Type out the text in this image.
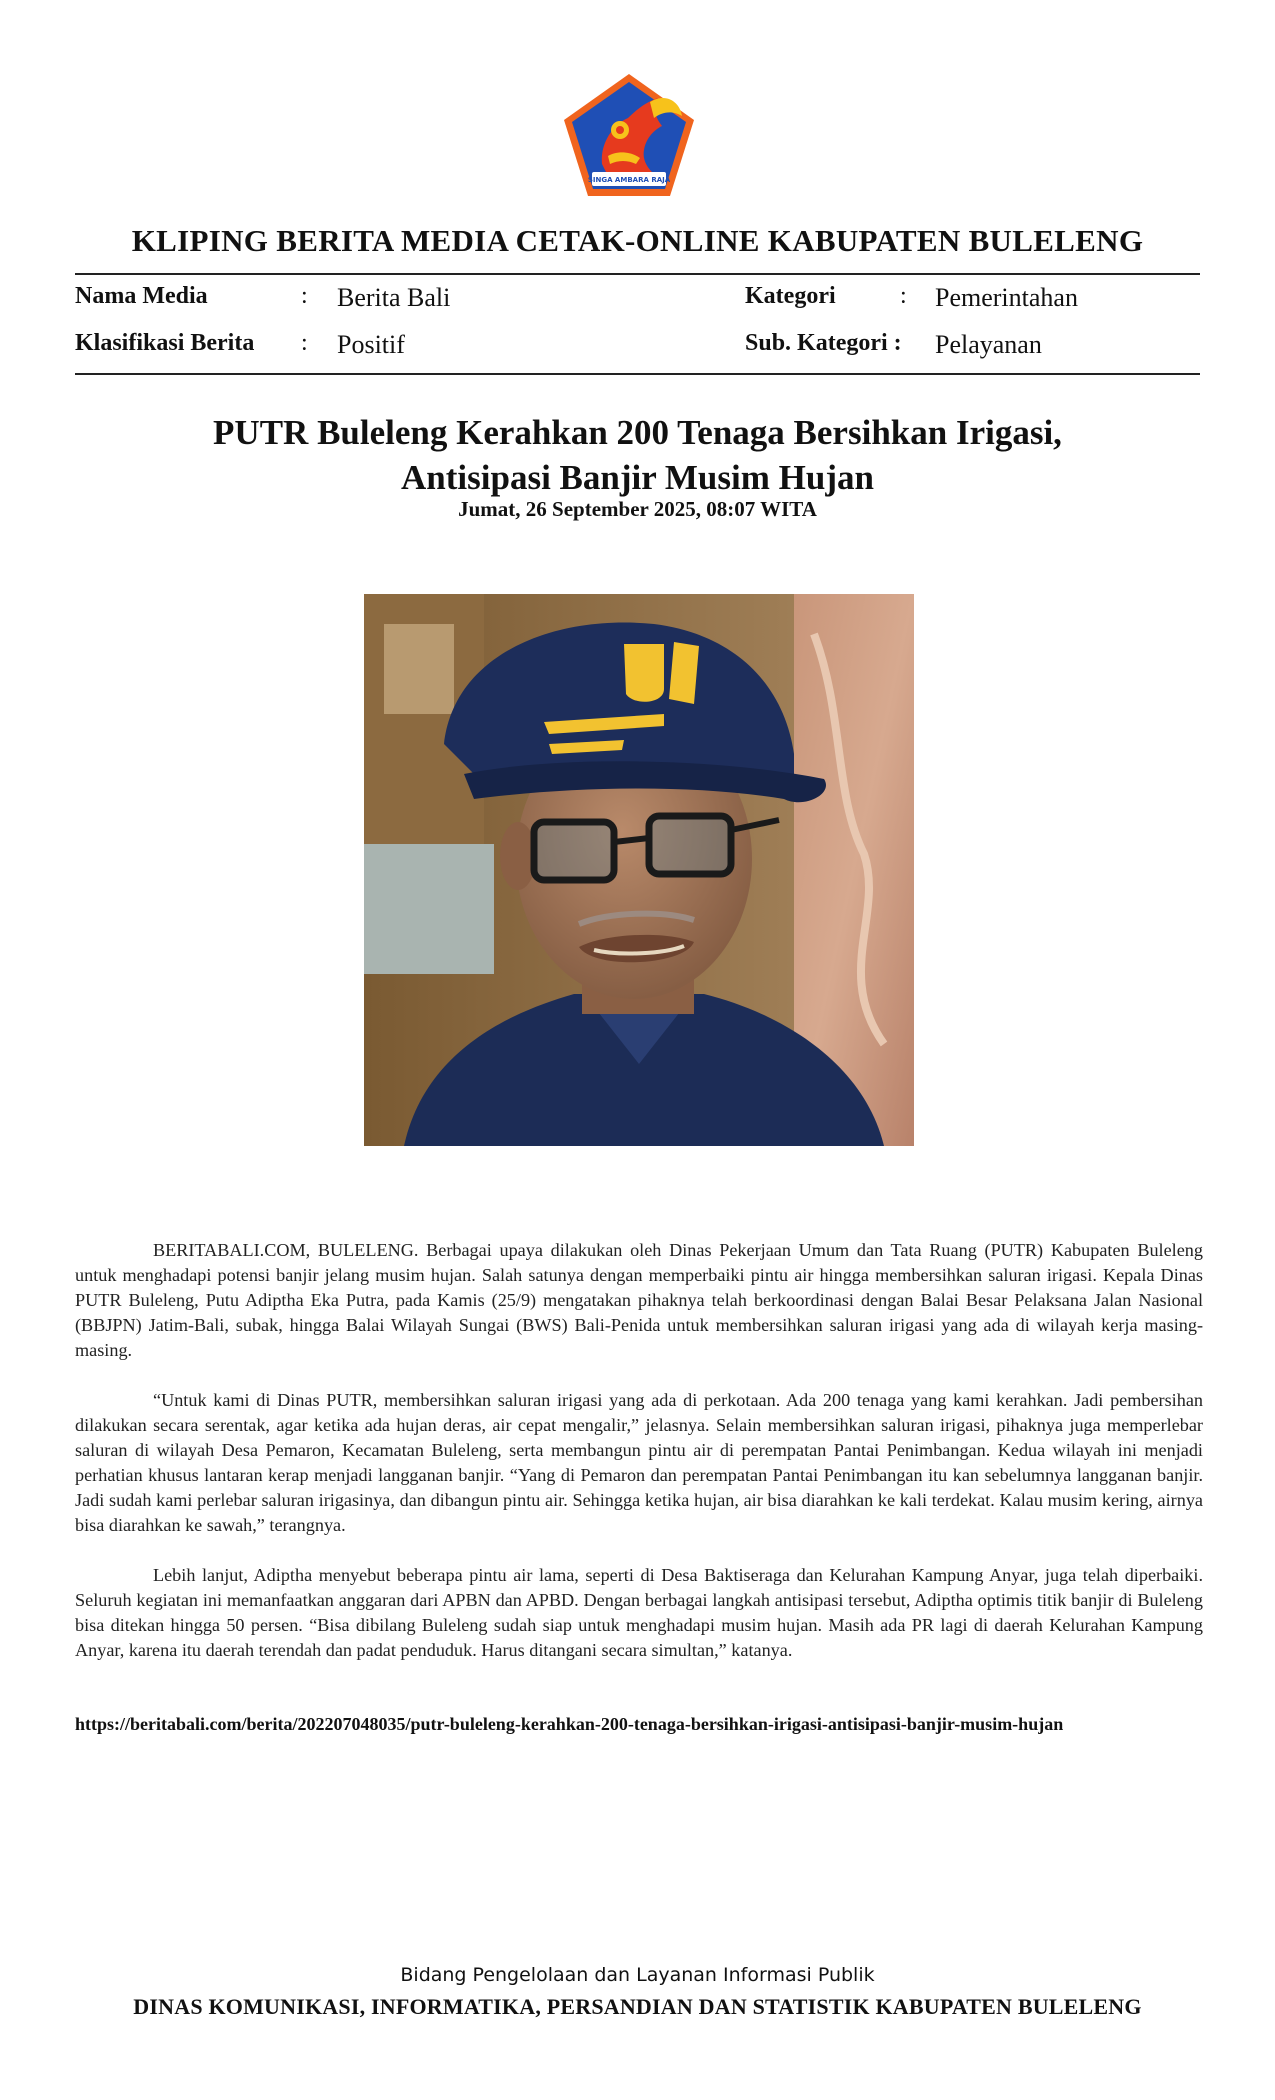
SINGA AMBARA RAJA
KLIPING BERITA MEDIA CETAK-ONLINE KABUPATEN BULELENG
Nama Media	: Berita Bali	Kategori	: Pemerintahan
Klasifikasi Berita : Positif	Sub. Kategori : Pelayanan
PUTR Buleleng Kerahkan 200 Tenaga Bersihkan Irigasi,
Antisipasi Banjir Musim Hujan
Jumat, 26 September 2025, 08:07 WITA

BERITABALI.COM, BULELENG. Berbagai upaya dilakukan oleh Dinas Pekerjaan Umum dan Tata Ruang (PUTR) Kabupaten Buleleng untuk menghadapi potensi banjir jelang musim hujan. Salah satunya dengan memperbaiki pintu air hingga membersihkan saluran irigasi. Kepala Dinas PUTR Buleleng, Putu Adiptha Eka Putra, pada Kamis (25/9) mengatakan pihaknya telah berkoordinasi dengan Balai Besar Pelaksana Jalan Nasional (BBJPN) Jatim-Bali, subak, hingga Balai Wilayah Sungai (BWS) Bali-Penida untuk membersihkan saluran irigasi yang ada di wilayah kerja masing-masing.

“Untuk kami di Dinas PUTR, membersihkan saluran irigasi yang ada di perkotaan. Ada 200 tenaga yang kami kerahkan. Jadi pembersihan dilakukan secara serentak, agar ketika ada hujan deras, air cepat mengalir,” jelasnya. Selain membersihkan saluran irigasi, pihaknya juga memperlebar saluran di wilayah Desa Pemaron, Kecamatan Buleleng, serta membangun pintu air di perempatan Pantai Penimbangan. Kedua wilayah ini menjadi perhatian khusus lantaran kerap menjadi langganan banjir. “Yang di Pemaron dan perempatan Pantai Penimbangan itu kan sebelumnya langganan banjir. Jadi sudah kami perlebar saluran irigasinya, dan dibangun pintu air. Sehingga ketika hujan, air bisa diarahkan ke kali terdekat. Kalau musim kering, airnya bisa diarahkan ke sawah,” terangnya.

Lebih lanjut, Adiptha menyebut beberapa pintu air lama, seperti di Desa Baktiseraga dan Kelurahan Kampung Anyar, juga telah diperbaiki. Seluruh kegiatan ini memanfaatkan anggaran dari APBN dan APBD. Dengan berbagai langkah antisipasi tersebut, Adiptha optimis titik banjir di Buleleng bisa ditekan hingga 50 persen. “Bisa dibilang Buleleng sudah siap untuk menghadapi musim hujan. Masih ada PR lagi di daerah Kelurahan Kampung Anyar, karena itu daerah terendah dan padat penduduk. Harus ditangani secara simultan,” katanya.

https://beritabali.com/berita/202207048035/putr-buleleng-kerahkan-200-tenaga-bersihkan-irigasi-antisipasi-banjir-musim-hujan
Bidang Pengelolaan dan Layanan Informasi Publik
DINAS KOMUNIKASI, INFORMATIKA, PERSANDIAN DAN STATISTIK KABUPATEN BULELENG
